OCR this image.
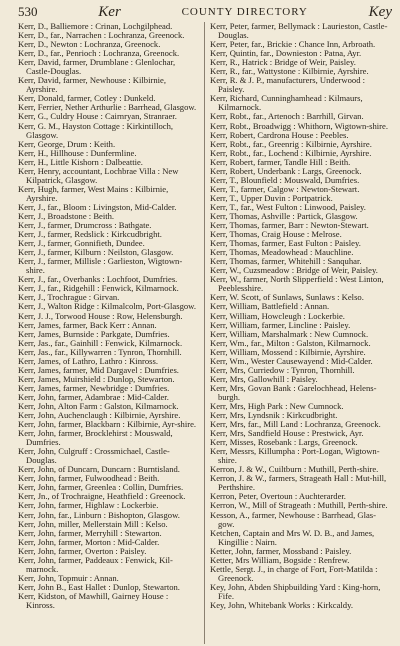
530	Ker	COUNTY DIRECTORY	Key
Kerr, D., Balliemore : Crinan, Lochgilphead.
Kerr, D., far., Narrachen : Lochranza, Greenock.
Kerr, D., Newton : Lochranza, Greenock.
Kerr, D., far., Penrioch : Lochranza, Greenock.
Kerr, David, farmer, Drumblane : Glenlochar, Castle-Douglas.
Kerr, David, farmer, Newhouse : Kilbirnie, Ayrshire.
Kerr, Donald, farmer, Cotley : Dunkeld.
Kerr, Ferrier, Nether Arthurlie : Barrhead, Glasgow.
Kerr, G., Culdry House : Cairnryan, Stranraer.
Kerr, G. M., Hayston Cottage : Kirkintilloch, Glasgow.
Kerr, George, Drum : Keith.
Kerr, H., Hillhouse : Dunfermline.
Kerr, H., Little Kishorn : Dalbeattie.
Kerr, Henry, accountant, Lochbrae Villa : New Kilpatrick, Glasgow.
Kerr, Hugh, farmer, West Mains : Kilbirnie, Ayrshire.
Kerr, J., far., Bloom : Livingston, Mid-Calder.
Kerr, J., Broadstone : Beith.
Kerr, J., farmer, Drumcross : Bathgate.
Kerr, J., farmer, Redslick : Kirkcudbright.
Kerr, J., farmer, Gonnifieth, Dundee.
Kerr, J., farmer, Kilburn : Neilston, Glasgow.
Kerr, J., farmer, Millisle : Garlieston, Wigtown-shire.
Kerr, J., far., Overbanks : Lochfoot, Dumfries.
Kerr, J., far., Ridgehill : Fenwick, Kilmarnock.
Kerr, J., Trochrague : Girvan.
Kerr, J., Walton Ridge : Kilmalcolm, Port-Glasgow.
Kerr, J. J., Torwood House : Row, Helensburgh.
Kerr, James, farmer, Back Kerr : Annan.
Kerr, James, Burnside : Parkgate, Dumfries.
Kerr, Jas., far., Gainhill : Fenwick, Kilmarnock.
Kerr, Jas., far., Killywarren : Tynron, Thornhill.
Kerr, James, of Lathro, Lathro : Kinross.
Kerr, James, farmer, Mid Dargavel : Dumfries.
Kerr, James, Muirshield : Dunlop, Stewarton.
Kerr, James, farmer, Newbridge : Dumfries.
Kerr, John, farmer, Adambrae : Mid-Calder.
Kerr, John, Alton Farm : Galston, Kilmarnock.
Kerr, John, Auchenclaugh : Kilbirnie, Ayrshire.
Kerr, John, farmer, Blackbarn : Kilbirnie, Ayr-shire.
Kerr, John, farmer, Brocklehirst : Mouswald, Dumfries.
Kerr, John, Culgruff : Crossmichael, Castle-Douglas.
Kerr, John, of Duncarn, Duncarn : Burntisland.
Kerr, John, farmer, Fulwoodhead : Beith.
Kerr, John, farmer, Greenlea : Collin, Dumfries.
Kerr, Jn., of Trochraigne, Heathfield : Greenock.
Kerr, John, farmer, Highlaw : Lockerbie.
Kerr, John, far., Linburn : Bishopton, Glasgow.
Kerr, John, miller, Mellerstain Mill : Kelso.
Kerr, John, farmer, Merryhill : Stewarton.
Kerr, John, farmer, Morton : Mid-Calder.
Kerr, John, farmer, Overton : Paisley.
Kerr, John, farmer, Paddeaux : Fenwick, Kil-marnock.
Kerr, John, Topmuir : Annan.
Kerr, John B., East Hallet : Dunlop, Stewarton.
Kerr, Kidston, of Mawhill, Gairney House : Kinross.
Kerr, Peter, farmer, Bellymack : Laurieston, Castle-Douglas.
Kerr, Peter, far., Brickie : Chance Inn, Arbroath.
Kerr, Quintin, far., Downieston : Patna, Ayr.
Kerr, R., Hatrick : Bridge of Weir, Paisley.
Kerr, R., far., Wattystone : Kilbirnie, Ayrshire.
Kerr, R. & J. P., manufacturers, Underwood : Paisley.
Kerr, Richard, Cunninghamhead : Kilmaurs, Kilmarnock.
Kerr, Robt., far., Artenoch : Barrhill, Girvan.
Kerr, Robt., Broadwigg : Whithorn, Wigtown-shire.
Kerr, Robert, Cardrona House : Peebles.
Kerr, Robt., far., Greenrig : Kilbirnie, Ayrshire.
Kerr, Robt., far., Lochend : Kilbirnie, Ayrshire.
Kerr, Robert, farmer, Tandle Hill : Beith.
Kerr, Robert, Underbank : Largs, Greenock.
Kerr, T., Blounfield : Mouswald, Dumfries.
Kerr, T., farmer, Calgow : Newton-Stewart.
Kerr, T., Upper Duvin : Portpatrick.
Kerr, T., far., West Fulton : Linwood, Paisley.
Kerr, Thomas, Ashville : Partick, Glasgow.
Kerr, Thomas, farmer, Barr : Newton-Stewart.
Kerr, Thomas, Craig House : Melrose.
Kerr, Thomas, farmer, East Fulton : Paisley.
Kerr, Thomas, Meadowhead : Mauchline.
Kerr, Thomas, farmer, Whitehill : Sanquhar.
Kerr, W., Cuzsmeadow : Bridge of Weir, Paisley.
Kerr, W., farmer, North Slipperfield : West Linton, Peeblesshire.
Kerr, W. Scott, of Sunlaws, Sunlaws : Kelso.
Kerr, William, Battlefield : Annan.
Kerr, William, Howcleugh : Lockerbie.
Kerr, William, farmer, Lincline : Paisley.
Kerr, William, Marshalmark : New Cumnock.
Kerr, Wm., far., Milton : Galston, Kilmarnock.
Kerr, William, Mossend : Kilbirnie, Ayrshire.
Kerr, Wm., Wester Causewayend : Mid-Calder.
Kerr, Mrs, Curriedow : Tynron, Thornhill.
Kerr, Mrs, Gallowhill : Paisley.
Kerr, Mrs, Govan Bank : Garelochhead, Helens-burgh.
Kerr, Mrs, High Park : New Cumnock.
Kerr, Mrs, Lyndsnik : Kirkcudbright.
Kerr, Mrs, far., Mill Land : Lochranza, Greenock.
Kerr, Mrs, Sandfield House : Prestwick, Ayr.
Kerr, Misses, Rosebank : Largs, Greenock.
Kerr, Messrs, Killumpha : Port-Logan, Wigtown-shire.
Kerron, J. & W., Cuiltburn : Muthill, Perth-shire.
Kerron, J. & W., farmers, Strageath Hall : Mut-hill, Perthshire.
Kerron, Peter, Overtoun : Auchterarder.
Kerron, W., Mill of Strageath : Muthill, Perth-shire.
Kesson, A., farmer, Newhouse : Barrhead, Glas-gow.
Ketchen, Captain and Mrs W. D. B., and James, Kingillie : Nairn.
Ketter, John, farmer, Mossband : Paisley.
Ketter, Mrs William, Bogside : Renfrew.
Kettle, Sergt. J., in charge of Fort, Fort-Matilda : Greenock.
Key, John, Abden Shipbuilding Yard : King-horn, Fife.
Key, John, Whitebank Works : Kirkcaldy.
